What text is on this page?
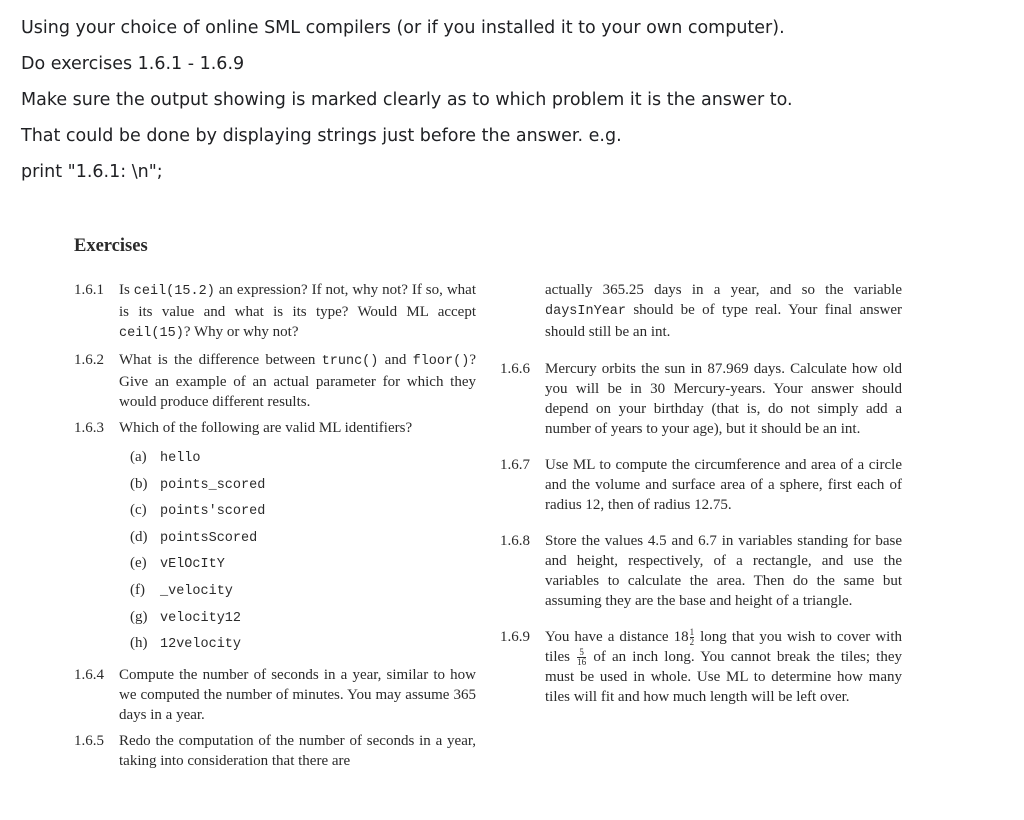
Using your choice of online SML compilers (or if you installed it to your own computer).

Do exercises 1.6.1 - 1.6.9

Make sure the output showing is marked clearly as to which problem it is the answer to.

That could be done by displaying strings just before the answer. e.g.

print "1.6.1: \n";

Exercises
1.6.1 Is ceil(15.2) an expression? If not, why not? If so, what is its value and what is its type? Would ML accept ceil(15)? Why or why not?
1.6.2 What is the difference between trunc() and floor()? Give an example of an actual parameter for which they would produce different results.
1.6.3 Which of the following are valid ML identifiers?
(a) hello
(b) points_scored
(c) points'scored
(d) pointsScored
(e) vElOcItY
(f) _velocity
(g) velocity12
(h) 12velocity
1.6.4 Compute the number of seconds in a year, similar to how we computed the number of minutes. You may assume 365 days in a year.
1.6.5 Redo the computation of the number of seconds in a year, taking into consideration that there are
actually 365.25 days in a year, and so the variable daysInYear should be of type real. Your final answer should still be an int.
1.6.6 Mercury orbits the sun in 87.969 days. Calculate how old you will be in 30 Mercury-years. Your answer should depend on your birthday (that is, do not simply add a number of years to your age), but it should be an int.
1.6.7 Use ML to compute the circumference and area of a circle and the volume and surface area of a sphere, first each of radius 12, then of radius 12.75.
1.6.8 Store the values 4.5 and 6.7 in variables standing for base and height, respectively, of a rectangle, and use the variables to calculate the area. Then do the same but assuming they are the base and height of a triangle.
1.6.9 You have a distance $18 \frac{1}{2}$ long that you wish to cover with tiles $\frac{5}{16}$ of an inch long. You cannot break the tiles; they must be used in whole. Use ML to determine how many tiles will fit and how much length will be left over.
